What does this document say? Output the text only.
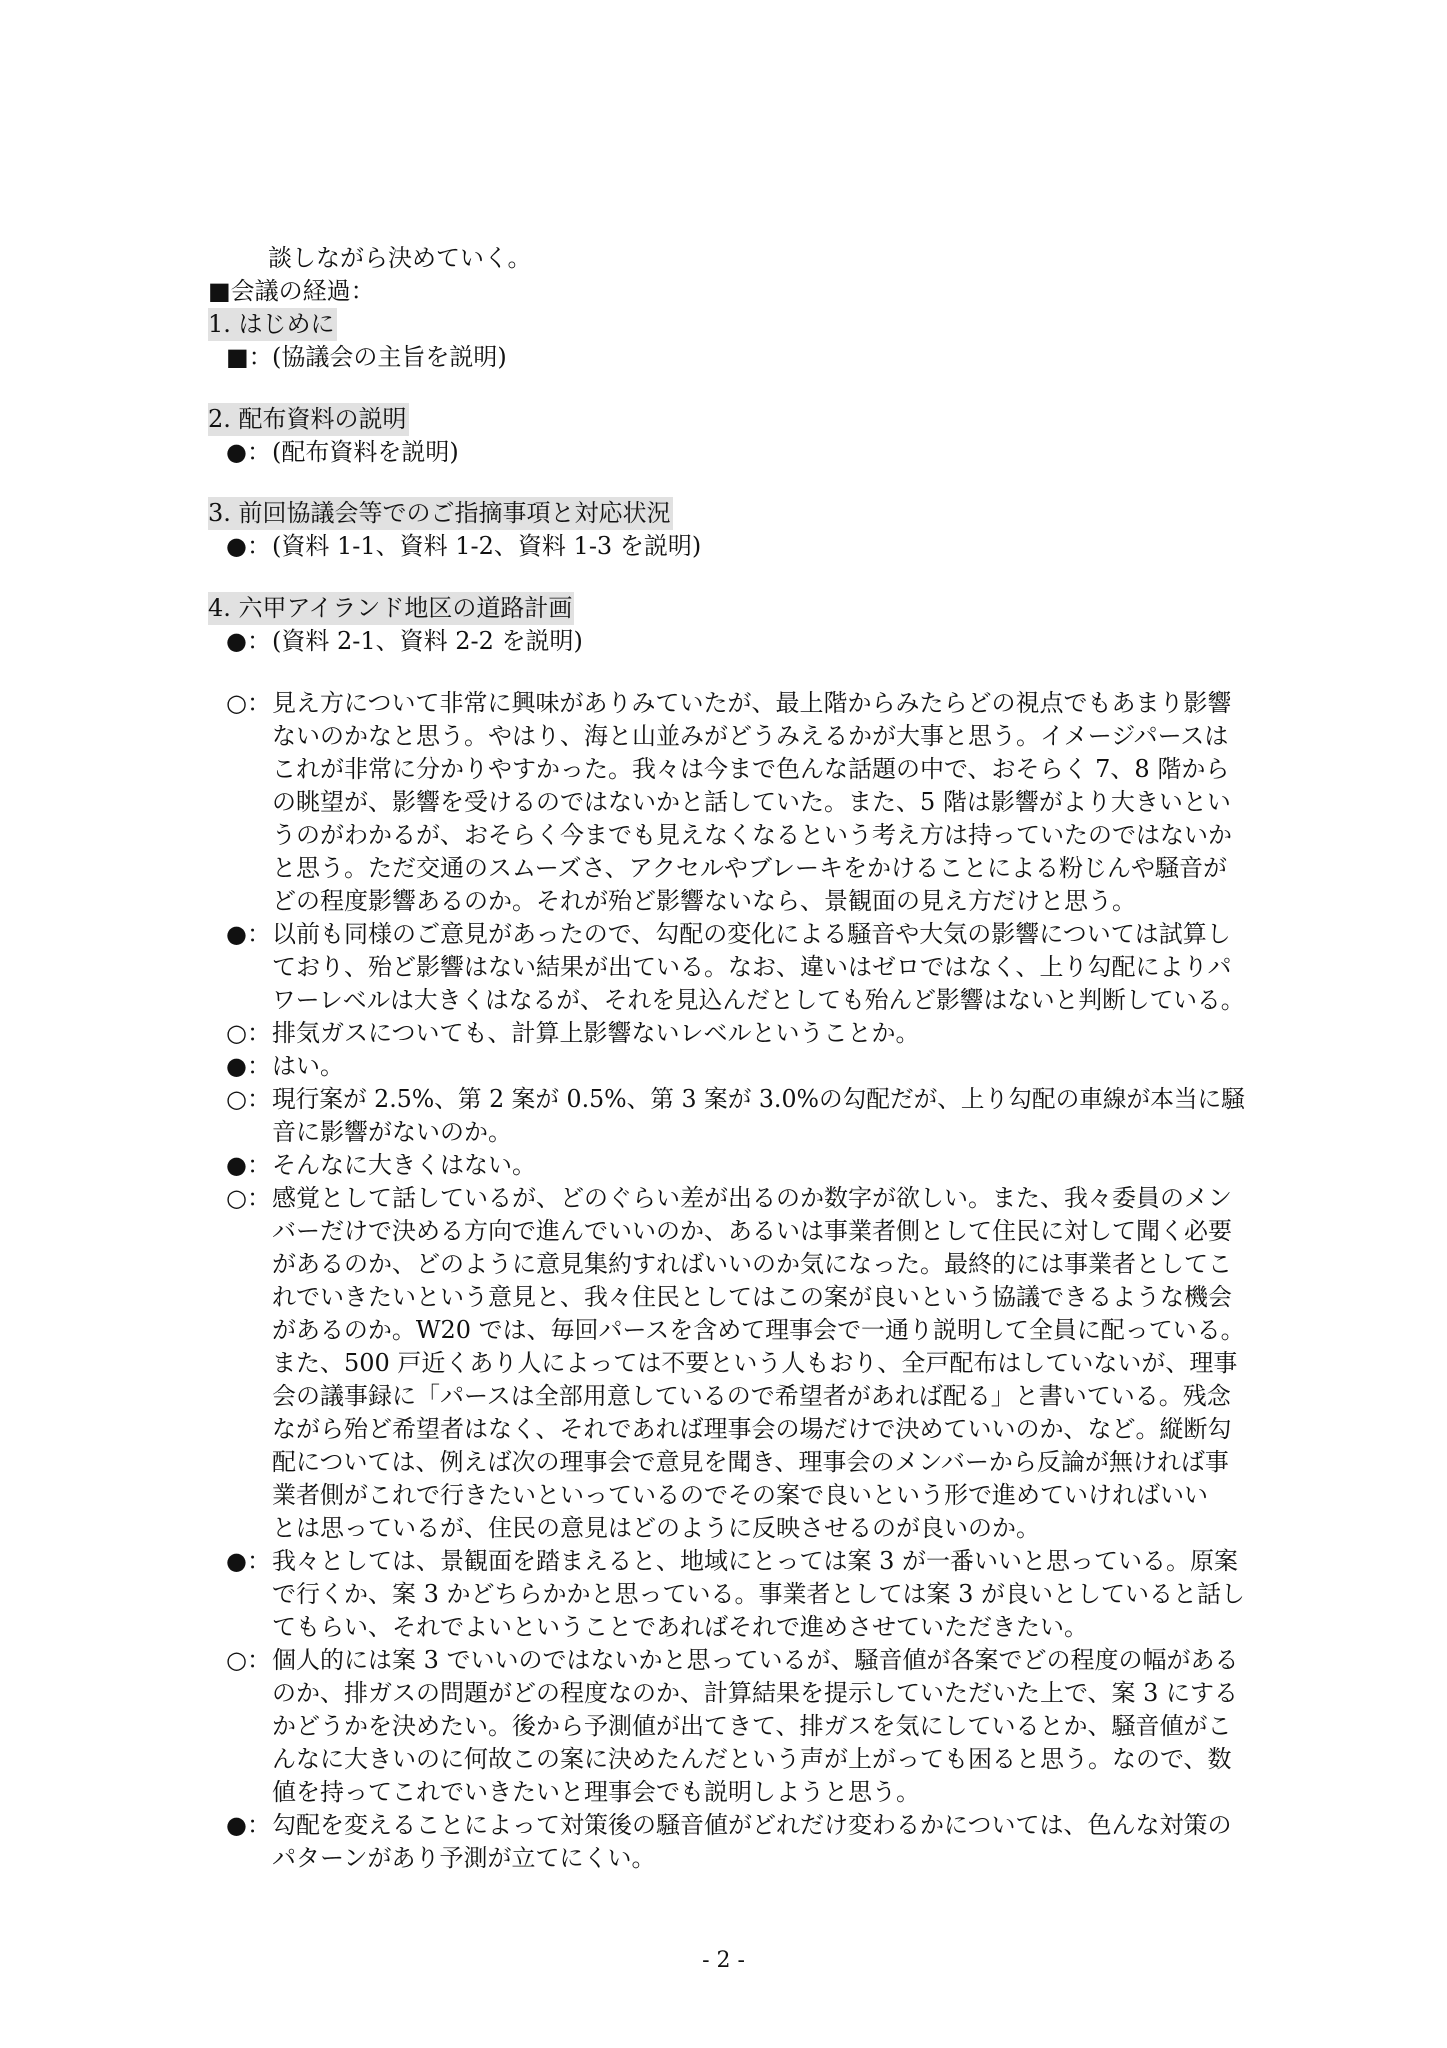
談しながら決めていく。
■会議の経過：
1. はじめに
■： (協議会の主旨を説明)
2. 配布資料の説明
●： (配布資料を説明)
3. 前回協議会等でのご指摘事項と対応状況
●： (資料 1-1、資料 1-2、資料 1-3 を説明)
4. 六甲アイランド地区の道路計画
●： (資料 2-1、資料 2-2 を説明)
○： 見え方について非常に興味がありみていたが、最上階からみたらどの視点でもあまり影響
ないのかなと思う。やはり、海と山並みがどうみえるかが大事と思う。イメージパースは
これが非常に分かりやすかった。我々は今まで色んな話題の中で、おそらく 7、8 階から
の眺望が、影響を受けるのではないかと話していた。また、5 階は影響がより大きいとい
うのがわかるが、おそらく今までも見えなくなるという考え方は持っていたのではないか
と思う。ただ交通のスムーズさ、アクセルやブレーキをかけることによる粉じんや騒音が
どの程度影響あるのか。それが殆ど影響ないなら、景観面の見え方だけと思う。
●： 以前も同様のご意見があったので、勾配の変化による騒音や大気の影響については試算し
ており、殆ど影響はない結果が出ている。なお、違いはゼロではなく、上り勾配によりパ
ワーレベルは大きくはなるが、それを見込んだとしても殆んど影響はないと判断している。
○： 排気ガスについても、計算上影響ないレベルということか。
●： はい。
○： 現行案が 2.5%、第 2 案が 0.5%、第 3 案が 3.0%の勾配だが、上り勾配の車線が本当に騒
音に影響がないのか。
●： そんなに大きくはない。
○： 感覚として話しているが、どのぐらい差が出るのか数字が欲しい。また、我々委員のメン
バーだけで決める方向で進んでいいのか、あるいは事業者側として住民に対して聞く必要
があるのか、どのように意見集約すればいいのか気になった。最終的には事業者としてこ
れでいきたいという意見と、我々住民としてはこの案が良いという協議できるような機会
があるのか。W20 では、毎回パースを含めて理事会で一通り説明して全員に配っている。
また、500 戸近くあり人によっては不要という人もおり、全戸配布はしていないが、理事
会の議事録に「パースは全部用意しているので希望者があれば配る」と書いている。残念
ながら殆ど希望者はなく、それであれば理事会の場だけで決めていいのか、など。縦断勾
配については、例えば次の理事会で意見を聞き、理事会のメンバーから反論が無ければ事
業者側がこれで行きたいといっているのでその案で良いという形で進めていければいい
とは思っているが、住民の意見はどのように反映させるのが良いのか。
●： 我々としては、景観面を踏まえると、地域にとっては案 3 が一番いいと思っている。原案
で行くか、案 3 かどちらかかと思っている。事業者としては案 3 が良いとしていると話し
てもらい、それでよいということであればそれで進めさせていただきたい。
○： 個人的には案 3 でいいのではないかと思っているが、騒音値が各案でどの程度の幅がある
のか、排ガスの問題がどの程度なのか、計算結果を提示していただいた上で、案 3 にする
かどうかを決めたい。後から予測値が出てきて、排ガスを気にしているとか、騒音値がこ
んなに大きいのに何故この案に決めたんだという声が上がっても困ると思う。なので、数
値を持ってこれでいきたいと理事会でも説明しようと思う。
●： 勾配を変えることによって対策後の騒音値がどれだけ変わるかについては、色んな対策の
パターンがあり予測が立てにくい。
- 2 -
